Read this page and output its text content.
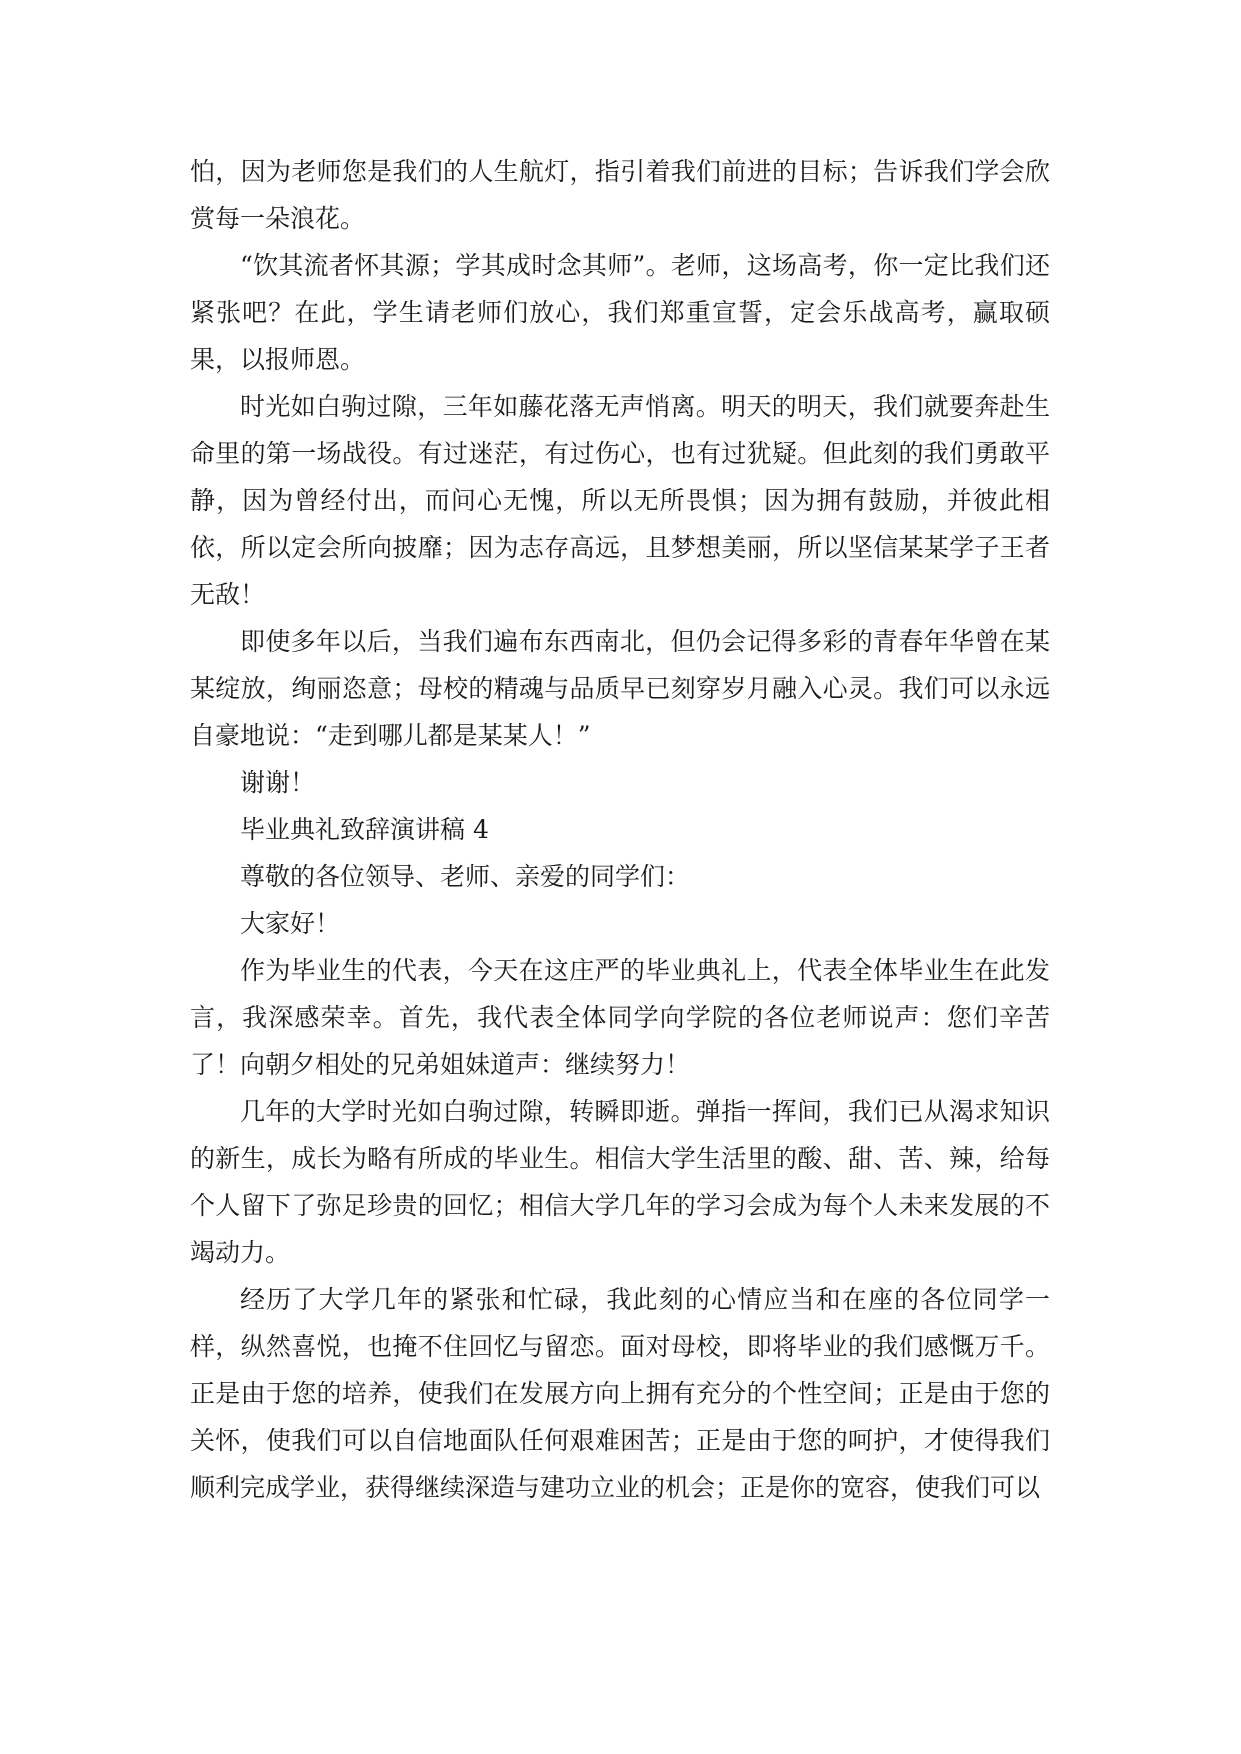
怕，因为老师您是我们的人生航灯，指引着我们前进的目标；告诉我们学会欣赏每一朵浪花。

“饮其流者怀其源；学其成时念其师”。老师，这场高考，你一定比我们还紧张吧？在此，学生请老师们放心，我们郑重宣誓，定会乐战高考，赢取硕果，以报师恩。

时光如白驹过隙，三年如藤花落无声悄离。明天的明天，我们就要奔赴生命里的第一场战役。有过迷茫，有过伤心，也有过犹疑。但此刻的我们勇敢平静，因为曾经付出，而问心无愧，所以无所畏惧；因为拥有鼓励，并彼此相依，所以定会所向披靡；因为志存高远，且梦想美丽，所以坚信某某学子王者无敌！

即使多年以后，当我们遍布东西南北，但仍会记得多彩的青春年华曾在某某绽放，绚丽恣意；母校的精魂与品质早已刻穿岁月融入心灵。我们可以永远自豪地说：“走到哪儿都是某某人！”

谢谢！

毕业典礼致辞演讲稿 4

尊敬的各位领导、老师、亲爱的同学们：

大家好！

作为毕业生的代表，今天在这庄严的毕业典礼上，代表全体毕业生在此发言，我深感荣幸。首先，我代表全体同学向学院的各位老师说声：您们辛苦了！向朝夕相处的兄弟姐妹道声：继续努力！

几年的大学时光如白驹过隙，转瞬即逝。弹指一挥间，我们已从渴求知识的新生，成长为略有所成的毕业生。相信大学生活里的酸、甜、苦、辣，给每个人留下了弥足珍贵的回忆；相信大学几年的学习会成为每个人未来发展的不竭动力。

经历了大学几年的紧张和忙碌，我此刻的心情应当和在座的各位同学一样，纵然喜悦，也掩不住回忆与留恋。面对母校，即将毕业的我们感慨万千。正是由于您的培养，使我们在发展方向上拥有充分的个性空间；正是由于您的关怀，使我们可以自信地面队任何艰难困苦；正是由于您的呵护，才使得我们顺利完成学业，获得继续深造与建功立业的机会；正是你的宽容，使我们可以
